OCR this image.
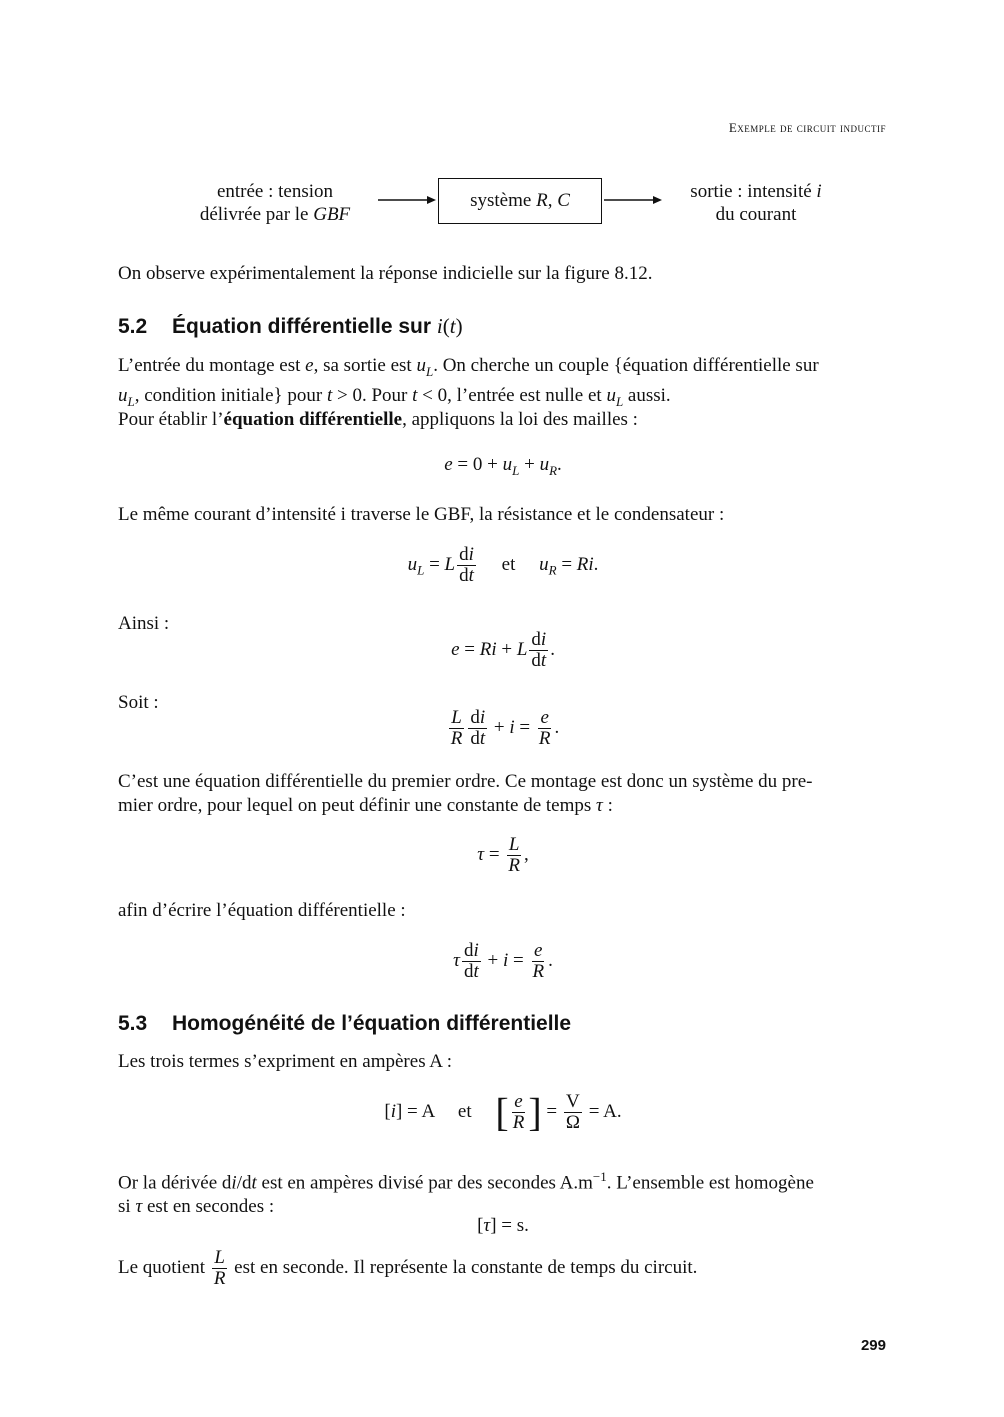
Exemple de circuit inductif
entrée : tension
délivrée par le GBF
système R, C	sortie : intensité i
du courant
On observe expérimentalement la réponse indicielle sur la figure 8.12.
5.2 Équation différentielle sur i(t)
L’entrée du montage est e, sa sortie est $u_L$. On cherche un couple {équation différentielle sur
$u_L$, condition initiale} pour t > 0. Pour t < 0, l’entrée est nulle et $u_L$ aussi.
Pour établir l’équation différentielle, appliquons la loi des mailles :
$e = 0 + u_L + u_R$.
Le même courant d’intensité i traverse le GBF, la résistance et le condensateur :
$u_L = L \frac{di}{dt}$ et     $u_R = Ri$.
Ainsi :
e = Ri + L $\frac{di}{dt}$ .
Soit :
$\frac{L}{R} \frac{di}{dt} + i = \frac{e}{R}$ .
C’est une équation différentielle du premier ordre. Ce montage est donc un système du pre-
mier ordre, pour lequel on peut définir une constante de temps τ :
$\tau = \frac{L}{R}$ ,
afin d’écrire l’équation différentielle :
τ $\frac{di}{dt} + i = \frac{e}{R}$ .
5.3 Homogénéité de l’équation différentielle
Les trois termes s’expriment en ampères A :
[i] = A     et     [ $\frac{e}{R}$ ] = $\frac{V}{\Omega} = A$.
Or la dérivée di/dt est en ampères divisé par des secondes $A.m^{-1}$. L’ensemble est homogène
si τ est en secondes :
[τ] = s.
Le quotient $\frac{L}{R}$ est en seconde. Il représente la constante de temps du circuit.
299
